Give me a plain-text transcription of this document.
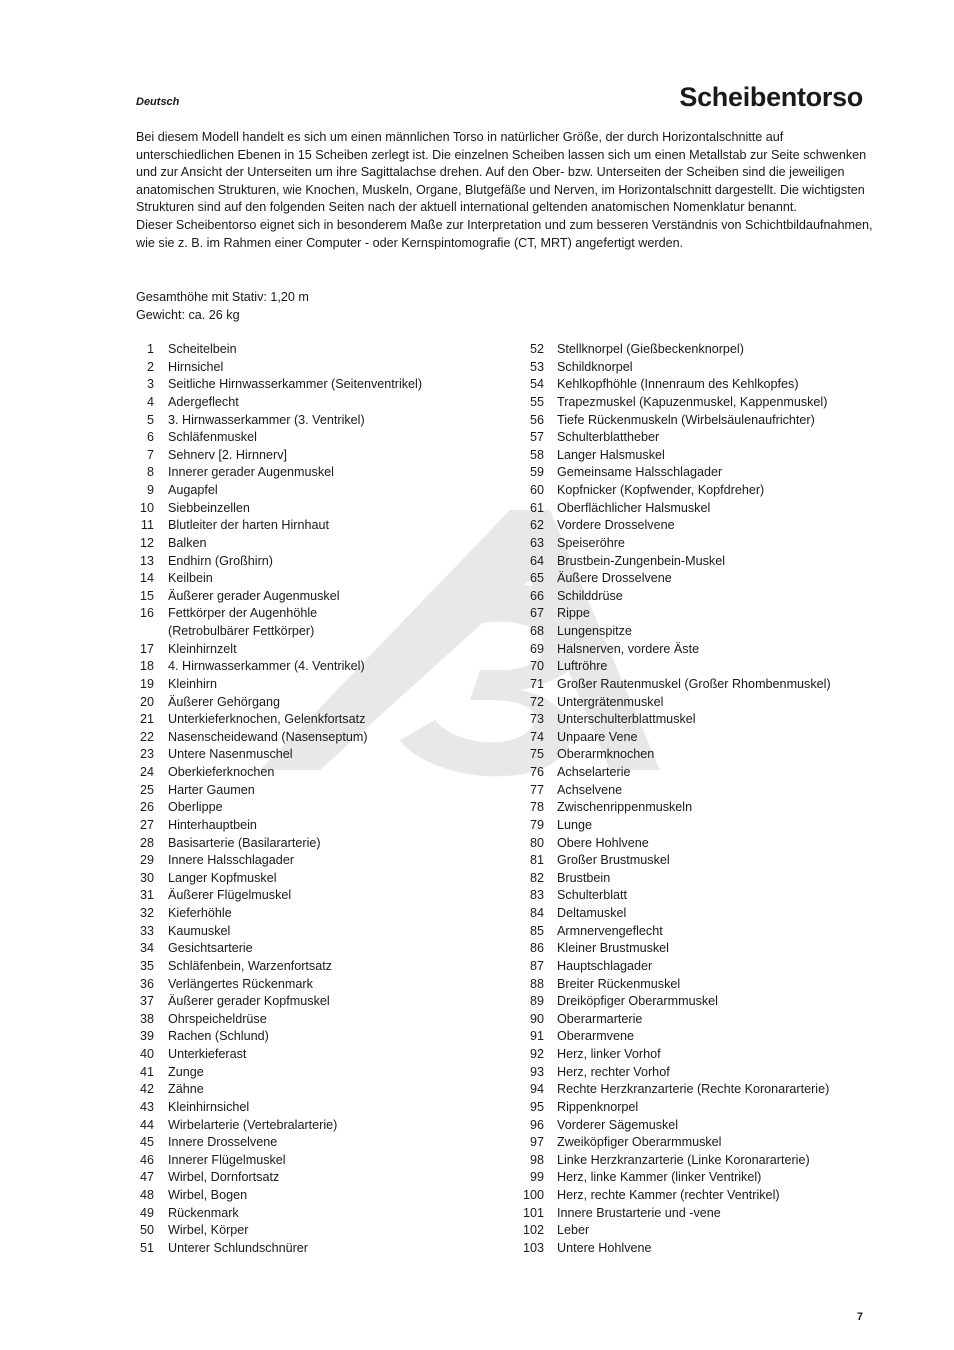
Deutsch	Scheibentorso

Bei diesem Modell handelt es sich um einen männlichen Torso in natürlicher Größe, der durch Horizontalschnitte auf unterschiedlichen Ebenen in 15 Scheiben zerlegt ist. Die einzelnen Scheiben lassen sich um einen Metallstab zur Seite schwenken und zur Ansicht der Unterseiten um ihre Sagittalachse drehen. Auf den Ober- bzw. Unterseiten der Scheiben sind die jeweiligen anatomischen Strukturen, wie Knochen, Muskeln, Organe, Blutgefäße und Nerven, im Horizontalschnitt dargestellt. Die wichtigsten Strukturen sind auf den folgenden Seiten nach der aktuell international geltenden anatomischen Nomenklatur benannt.

Dieser Scheibentorso eignet sich in besonderem Maße zur Interpretation und zum besseren Verständnis von Schichtbildaufnahmen, wie sie z. B. im Rahmen einer Computer - oder Kernspintomografie (CT, MRT) angefertigt werden.

Gesamthöhe mit Stativ: 1,20 m
Gewicht: ca. 26 kg
1 Scheitelbein
2 Hirnsichel
3 Seitliche Hirnwasserkammer (Seitenventrikel)
4 Adergeflecht
5 3. Hirnwasserkammer (3. Ventrikel)
6 Schläfenmuskel
7 Sehnerv [2. Hirnnerv]
8 Innerer gerader Augenmuskel
9 Augapfel
10 Siebbeinzellen
11 Blutleiter der harten Hirnhaut
12 Balken
13 Endhirn (Großhirn)
14 Keilbein
15 Äußerer gerader Augenmuskel
16 Fettkörper der Augenhöhle
(Retrobulbärer Fettkörper)
17 Kleinhirnzelt
18 4. Hirnwasserkammer (4. Ventrikel)
19 Kleinhirn
20 Äußerer Gehörgang
21 Unterkieferknochen, Gelenkfortsatz
22 Nasenscheidewand (Nasenseptum)
23 Untere Nasenmuschel
24 Oberkieferknochen
25 Harter Gaumen
26 Oberlippe
27 Hinterhauptbein
28 Basisarterie (Basilararterie)
29 Innere Halsschlagader
30 Langer Kopfmuskel
31 Äußerer Flügelmuskel
32 Kieferhöhle
33 Kaumuskel
34 Gesichtsarterie
35 Schläfenbein, Warzenfortsatz
36 Verlängertes Rückenmark
37 Äußerer gerader Kopfmuskel
38 Ohrspeicheldrüse
39 Rachen (Schlund)
40 Unterkieferast
41 Zunge
42 Zähne
43 Kleinhirnsichel
44 Wirbelarterie (Vertebralarterie)
45 Innere Drosselvene
46 Innerer Flügelmuskel
47 Wirbel, Dornfortsatz
48 Wirbel, Bogen
49 Rückenmark
50 Wirbel, Körper
51 Unterer Schlundschnürer
52 Stellknorpel (Gießbeckenknorpel)
53 Schildknorpel
54 Kehlkopfhöhle (Innenraum des Kehlkopfes)
55 Trapezmuskel (Kapuzenmuskel, Kappenmuskel)
56 Tiefe Rückenmuskeln (Wirbelsäulenaufrichter)
57 Schulterblattheber
58 Langer Halsmuskel
59 Gemeinsame Halsschlagader
60 Kopfnicker (Kopfwender, Kopfdreher)
61 Oberflächlicher Halsmuskel
62 Vordere Drosselvene
63 Speiseröhre
64 Brustbein-Zungenbein-Muskel
65 Äußere Drosselvene
66 Schilddrüse
67 Rippe
68 Lungenspitze
69 Halsnerven, vordere Äste
70 Luftröhre
71 Großer Rautenmuskel (Großer Rhombenmuskel)
72 Untergrätenmuskel
73 Unterschulterblattmuskel
74 Unpaare Vene
75 Oberarmknochen
76 Achselarterie
77 Achselvene
78 Zwischenrippenmuskeln
79 Lunge
80 Obere Hohlvene
81 Großer Brustmuskel
82 Brustbein
83 Schulterblatt
84 Deltamuskel
85 Armnervengeflecht
86 Kleiner Brustmuskel
87 Hauptschlagader
88 Breiter Rückenmuskel
89 Dreiköpfiger Oberarmmuskel
90 Oberarmarterie
91 Oberarmvene
92 Herz, linker Vorhof
93 Herz, rechter Vorhof
94 Rechte Herzkranzarterie (Rechte Koronararterie)
95 Rippenknorpel
96 Vorderer Sägemuskel
97 Zweiköpfiger Oberarmmuskel
98 Linke Herzkranzarterie (Linke Koronararterie)
99 Herz, linke Kammer (linker Ventrikel)
100 Herz, rechte Kammer (rechter Ventrikel)
101 Innere Brustarterie und -vene
102 Leber
103 Untere Hohlvene
7
